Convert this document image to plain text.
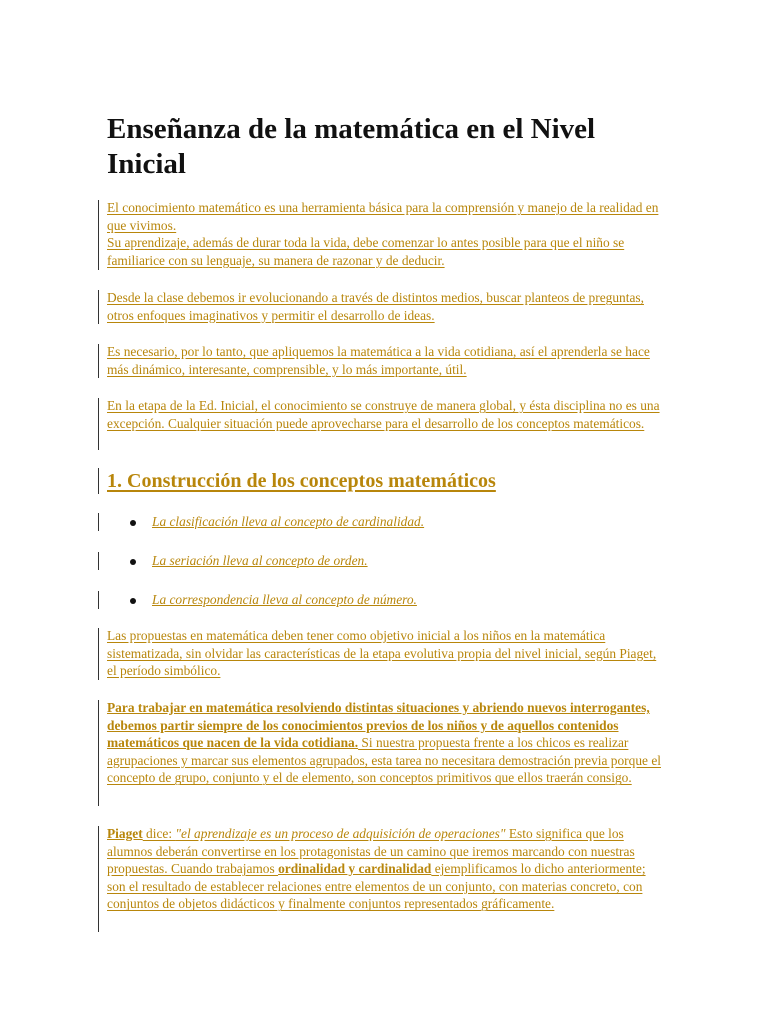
Enseñanza de la matemática en el Nivel Inicial
El conocimiento matemático es una herramienta básica para la comprensión y manejo de la realidad en que vivimos.
Su aprendizaje, además de durar toda la vida, debe comenzar lo antes posible para que el niño se familiarice con su lenguaje, su manera de razonar y de deducir.
Desde la clase debemos ir evolucionando a través de distintos medios, buscar planteos de preguntas, otros enfoques imaginativos y permitir el desarrollo de ideas.
Es necesario, por lo tanto, que apliquemos la matemática a la vida cotidiana, así el aprenderla se hace más dinámico, interesante, comprensible, y lo más importante, útil.
En la etapa de la Ed. Inicial, el conocimiento se construye de manera global, y ésta disciplina no es una excepción. Cualquier situación puede aprovecharse para el desarrollo de los conceptos matemáticos.
1. Construcción de los conceptos matemáticos
La clasificación lleva al concepto de cardinalidad.
La seriación lleva al concepto de orden.
La correspondencia lleva al concepto de número.
Las propuestas en matemática deben tener como objetivo inicial a los niños en la matemática sistematizada, sin olvidar las características de la etapa evolutiva propia del nivel inicial, según Piaget, el período simbólico.
Para trabajar en matemática resolviendo distintas situaciones y abriendo nuevos interrogantes, debemos partir siempre de los conocimientos previos de los niños y de aquellos contenidos matemáticos que nacen de la vida cotidiana. Si nuestra propuesta frente a los chicos es realizar agrupaciones y marcar sus elementos agrupados, esta tarea no necesitara demostración previa porque el concepto de grupo, conjunto y el de elemento, son conceptos primitivos que ellos traerán consigo.
Piaget dice: "el aprendizaje es un proceso de adquisición de operaciones" Esto significa que los alumnos deberán convertirse en los protagonistas de un camino que iremos marcando con nuestras propuestas. Cuando trabajamos ordinalidad y cardinalidad ejemplificamos lo dicho anteriormente; son el resultado de establecer relaciones entre elementos de un conjunto, con materias concreto, con conjuntos de objetos didácticos y finalmente conjuntos representados gráficamente.
